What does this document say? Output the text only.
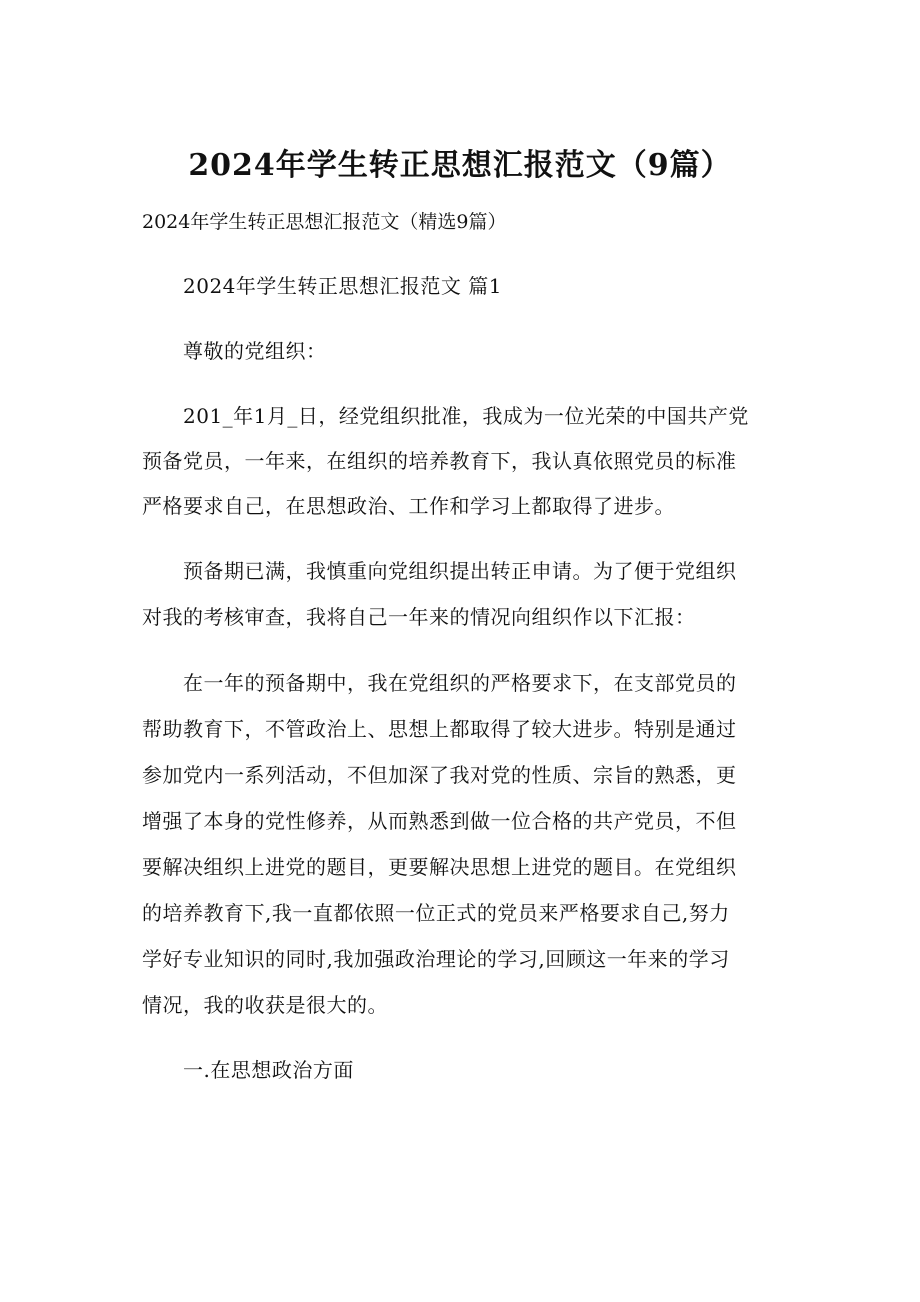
2024年学生转正思想汇报范文（9篇）
2024年学生转正思想汇报范文（精选9篇）
2024年学生转正思想汇报范文 篇1
尊敬的党组织：
201_年1月_日，经党组织批准，我成为一位光荣的中国共产党
预备党员，一年来，在组织的培养教育下，我认真依照党员的标准
严格要求自己，在思想政治、工作和学习上都取得了进步。
预备期已满，我慎重向党组织提出转正申请。为了便于党组织
对我的考核审查，我将自己一年来的情况向组织作以下汇报：
在一年的预备期中，我在党组织的严格要求下，在支部党员的
帮助教育下，不管政治上、思想上都取得了较大进步。特别是通过
参加党内一系列活动，不但加深了我对党的性质、宗旨的熟悉，更
增强了本身的党性修养，从而熟悉到做一位合格的共产党员，不但
要解决组织上进党的题目，更要解决思想上进党的题目。在党组织
的培养教育下,我一直都依照一位正式的党员来严格要求自己,努力
学好专业知识的同时,我加强政治理论的学习,回顾这一年来的学习
情况，我的收获是很大的。
一.在思想政治方面
